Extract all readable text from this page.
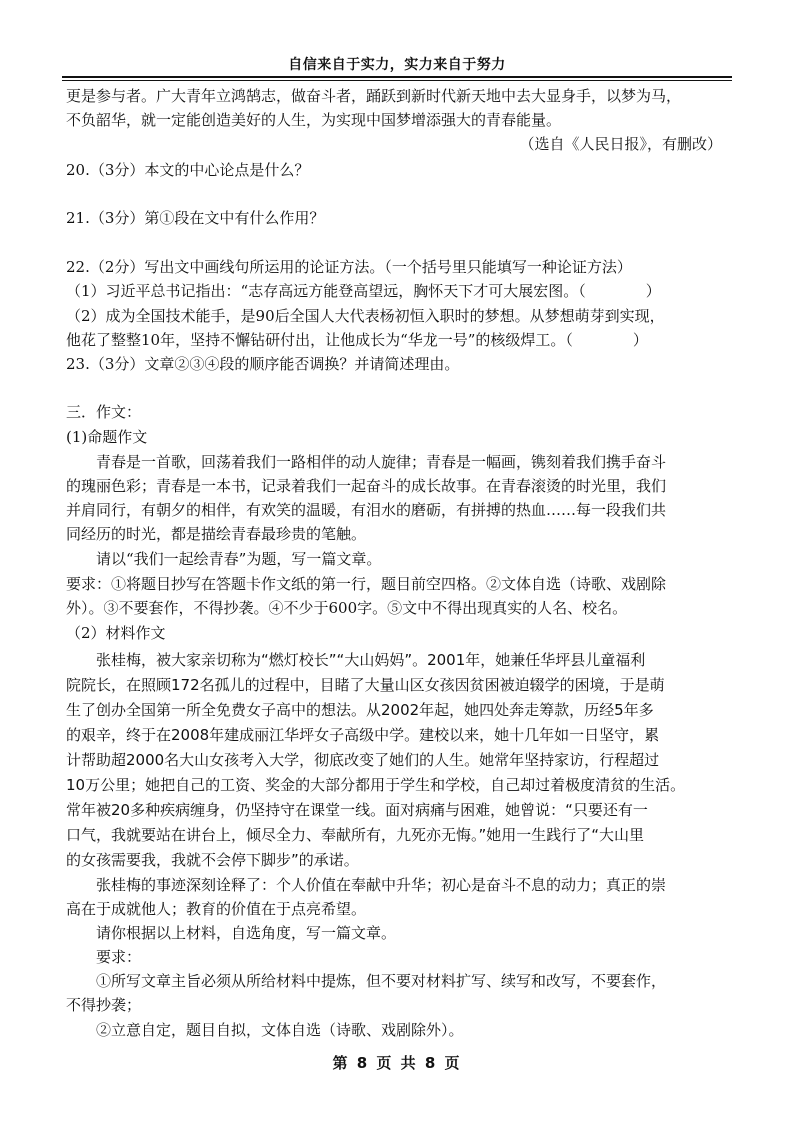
自信来自于实力，实力来自于努力
更是参与者。广大青年立鸿鹄志，做奋斗者，踊跃到新时代新天地中去大显身手，以梦为马，
不负韶华，就一定能创造美好的人生，为实现中国梦增添强大的青春能量。
（选自《人民日报》，有删改）
20.（3分）本文的中心论点是什么？
21.（3分）第①段在文中有什么作用？
22.（2分）写出文中画线句所运用的论证方法。（一个括号里只能填写一种论证方法）
（1）习近平总书记指出：“志存高远方能登高望远，胸怀天下才可大展宏图。（　　　　）
（2）成为全国技术能手，是90后全国人大代表杨初恒入职时的梦想。从梦想萌芽到实现，
他花了整整10年，坚持不懈钻研付出，让他成长为“华龙一号”的核级焊工。（　　　　）
23.（3分）文章②③④段的顺序能否调换？并请简述理由。
三．作文：
(1)命题作文
青春是一首歌，回荡着我们一路相伴的动人旋律；青春是一幅画，镌刻着我们携手奋斗
的瑰丽色彩；青春是一本书，记录着我们一起奋斗的成长故事。在青春滚烫的时光里，我们
并肩同行，有朝夕的相伴，有欢笑的温暖，有泪水的磨砺，有拼搏的热血……每一段我们共
同经历的时光，都是描绘青春最珍贵的笔触。
请以“我们一起绘青春”为题，写一篇文章。
要求：①将题目抄写在答题卡作文纸的第一行，题目前空四格。②文体自选（诗歌、戏剧除
外）。③不要套作，不得抄袭。④不少于600字。⑤文中不得出现真实的人名、校名。
（2）材料作文
张桂梅，被大家亲切称为“燃灯校长”“大山妈妈”。2001年，她兼任华坪县儿童福利
院院长，在照顾172名孤儿的过程中，目睹了大量山区女孩因贫困被迫辍学的困境，于是萌
生了创办全国第一所全免费女子高中的想法。从2002年起，她四处奔走筹款，历经5年多
的艰辛，终于在2008年建成丽江华坪女子高级中学。建校以来，她十几年如一日坚守，累
计帮助超2000名大山女孩考入大学，彻底改变了她们的人生。她常年坚持家访，行程超过
10万公里；她把自己的工资、奖金的大部分都用于学生和学校，自己却过着极度清贫的生活。
常年被20多种疾病缠身，仍坚持守在课堂一线。面对病痛与困难，她曾说：“只要还有一
口气，我就要站在讲台上，倾尽全力、奉献所有，九死亦无悔。”她用一生践行了“大山里
的女孩需要我，我就不会停下脚步”的承诺。
张桂梅的事迹深刻诠释了：个人价值在奉献中升华；初心是奋斗不息的动力；真正的崇
高在于成就他人；教育的价值在于点亮希望。
请你根据以上材料，自选角度，写一篇文章。
要求：
①所写文章主旨必须从所给材料中提炼，但不要对材料扩写、续写和改写，不要套作，
不得抄袭；
②立意自定，题目自拟，文体自选（诗歌、戏剧除外）。
第 8 页 共 8 页
